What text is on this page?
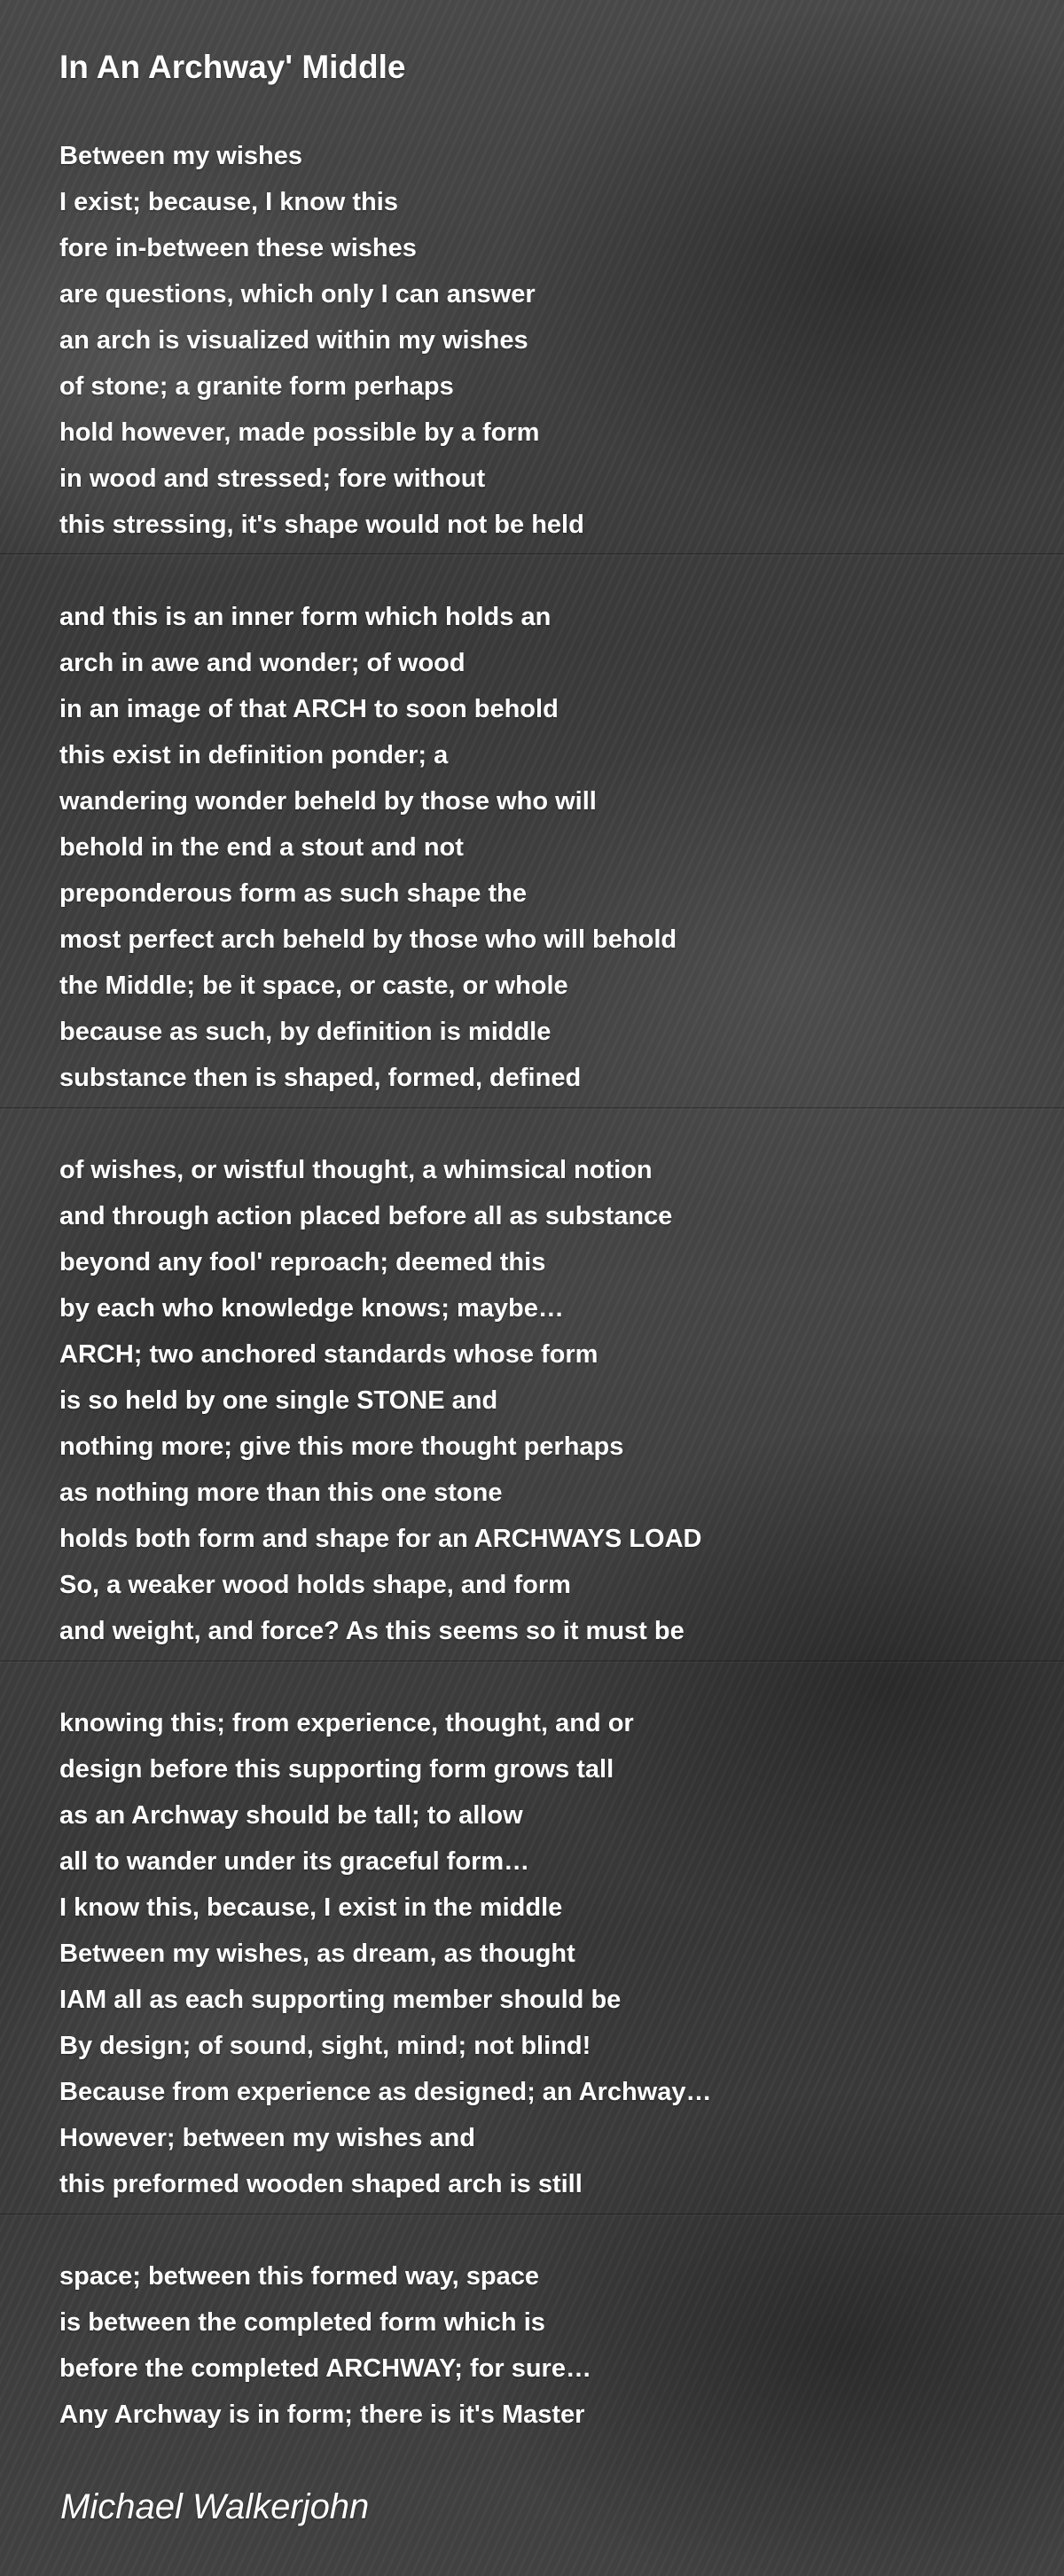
In An Archway' Middle

Between my wishes
I exist; because, I know this
fore in-between these wishes
are questions, which only I can answer
an arch is visualized within my wishes
of stone; a granite form perhaps
hold however, made possible by a form
in wood and stressed; fore without
this stressing, it's shape would not be held

and this is an inner form which holds an
arch in awe and wonder; of wood
in an image of that ARCH to soon behold
this exist in definition ponder; a
wandering wonder beheld by those who will
behold in the end a stout and not
preponderous form as such shape the
most perfect arch beheld by those who will behold
the Middle; be it space, or caste, or whole
because as such, by definition is middle
substance then is shaped, formed, defined

of wishes, or wistful thought, a whimsical notion
and through action placed before all as substance
beyond any fool' reproach; deemed this
by each who knowledge knows; maybe…
ARCH; two anchored standards whose form
is so held by one single STONE and
nothing more; give this more thought perhaps
as nothing more than this one stone
holds both form and shape for an ARCHWAYS LOAD
So, a weaker wood holds shape, and form
and weight, and force? As this seems so it must be

knowing this; from experience, thought, and or
design before this supporting form grows tall
as an Archway should be tall; to allow
all to wander under its graceful form…
I know this, because, I exist in the middle
Between my wishes, as dream, as thought
IAM all as each supporting member should be
By design; of sound, sight, mind; not blind!
Because from experience as designed; an Archway…
However; between my wishes and
this preformed wooden shaped arch is still

space; between this formed way, space
is between the completed form which is
before the completed ARCHWAY; for sure…
Any Archway is in form; there is it's Master

Michael Walkerjohn
